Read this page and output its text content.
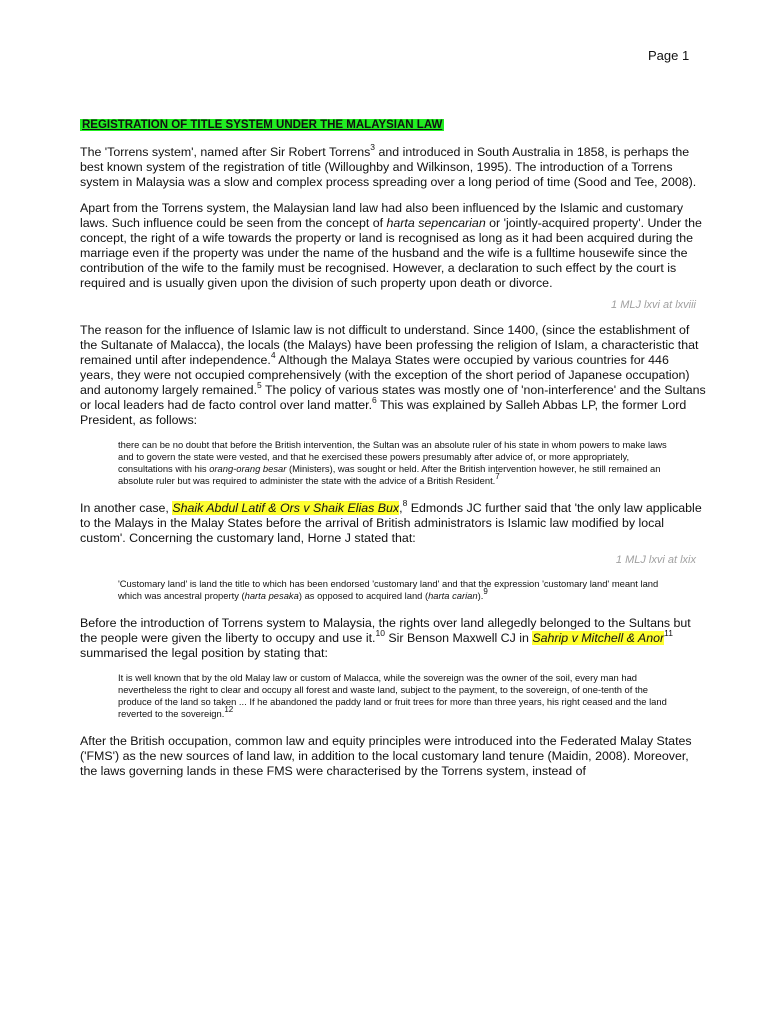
Page 1
REGISTRATION OF TITLE SYSTEM UNDER THE MALAYSIAN LAW

The 'Torrens system', named after Sir Robert Torrens$^3$ and introduced in South Australia in 1858, is perhaps the best known system of the registration of title (Willoughby and Wilkinson, 1995). The introduction of a Torrens system in Malaysia was a slow and complex process spreading over a long period of time (Sood and Tee, 2008).

Apart from the Torrens system, the Malaysian land law had also been influenced by the Islamic and customary laws. Such influence could be seen from the concept of harta sepencarian or 'jointly-acquired property'. Under the concept, the right of a wife towards the property or land is recognised as long as it had been acquired during the marriage even if the property was under the name of the husband and the wife is a fulltime housewife since the contribution of the wife to the family must be recognised. However, a declaration to such effect by the court is required and is usually given upon the division of such property upon death or divorce.

1 MLJ lxvi at lxviii

The reason for the influence of Islamic law is not difficult to understand. Since 1400, (since the establishment of the Sultanate of Malacca), the locals (the Malays) have been professing the religion of Islam, a characteristic that remained until after independence.$^4$ Although the Malaya States were occupied by various countries for 446 years, they were not occupied comprehensively (with the exception of the short period of Japanese occupation) and autonomy largely remained.$^5$ The policy of various states was mostly one of 'non-interference' and the Sultans or local leaders had de facto control over land matter.$^6$ This was explained by Salleh Abbas LP, the former Lord President, as follows:

there can be no doubt that before the British intervention, the Sultan was an absolute ruler of his state in whom powers to make laws and to govern the state were vested, and that he exercised these powers presumably after advice of, or more appropriately, consultations with his orang-orang besar (Ministers), was sought or held. After the British intervention however, he still remained an absolute ruler but was required to administer the state with the advice of a British Resident.$^7$

In another case, Shaik Abdul Latif & Ors v Shaik Elias Bux,$^8$ Edmonds JC further said that 'the only law applicable to the Malays in the Malay States before the arrival of British administrators is Islamic law modified by local custom'. Concerning the customary land, Horne J stated that:

1 MLJ lxvi at lxix

'Customary land' is land the title to which has been endorsed 'customary land' and that the expression 'customary land' meant land which was ancestral property (harta pesaka) as opposed to acquired land (harta carian).$^9$

Before the introduction of Torrens system to Malaysia, the rights over land allegedly belonged to the Sultans but the people were given the liberty to occupy and use it.$^{10}$ Sir Benson Maxwell CJ in Sahrip v Mitchell & Anor$^{11}$ summarised the legal position by stating that:

It is well known that by the old Malay law or custom of Malacca, while the sovereign was the owner of the soil, every man had nevertheless the right to clear and occupy all forest and waste land, subject to the payment, to the sovereign, of one-tenth of the produce of the land so taken ... If he abandoned the paddy land or fruit trees for more than three years, his right ceased and the land reverted to the sovereign.$^{12}$

After the British occupation, common law and equity principles were introduced into the Federated Malay States ('FMS') as the new sources of land law, in addition to the local customary land tenure (Maidin, 2008). Moreover, the laws governing lands in these FMS were characterised by the Torrens system, instead of
